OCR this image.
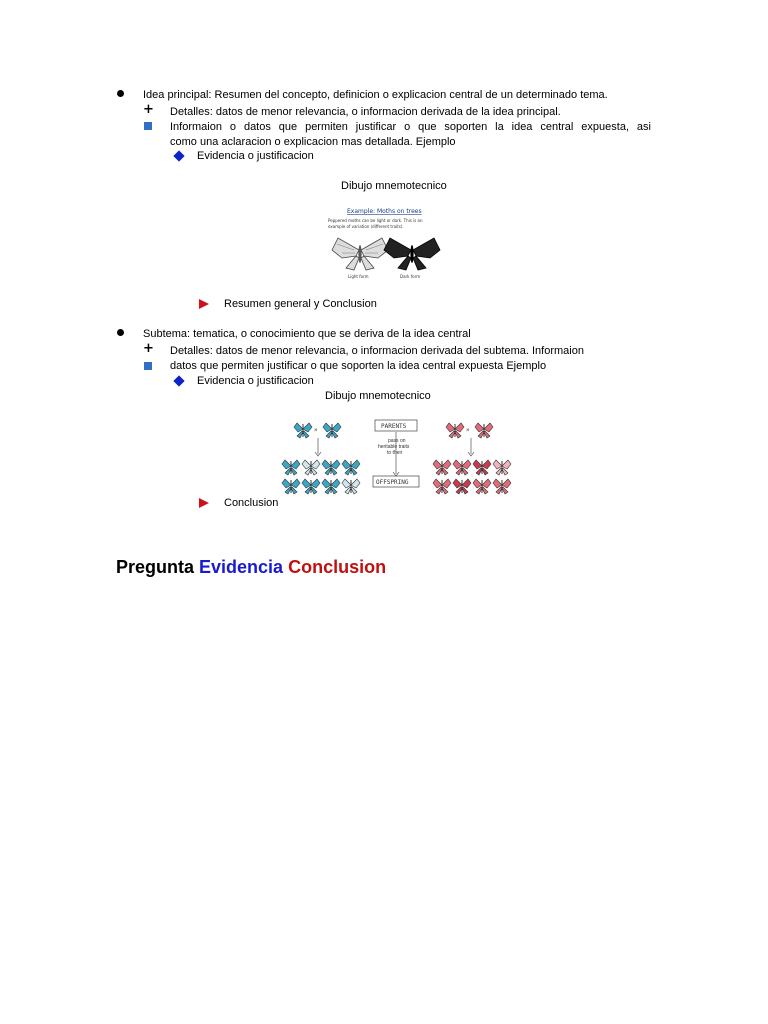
Idea principal: Resumen del concepto, definicion o explicacion central de un determinado tema.
+ Detalles: datos de menor relevancia, o informacion derivada de la idea principal.
Informaion o datos que permiten justificar o que soporten la idea central expuesta, asi
como una aclaracion o explicacion mas detallada. Ejemplo
Evidencia o justificacion
Dibujo mnemotecnico
Example: Moths on trees
Peppered moths can be light or dark. This is an
example of variation (different traits).
Light form	Dark form
Resumen general y Conclusion
Subtema: tematica, o conocimiento que se deriva de la idea central
+ Detalles: datos de menor relevancia, o informacion derivada del subtema. Informaion
datos que permiten justificar o que soporten la idea central expuesta Ejemplo
Evidencia o justificacion
Dibujo mnemotecnico
×
PARENTS
pass on
heritable traits
to their
OFFSPRING
×
Conclusion
Pregunta Evidencia Conclusion
